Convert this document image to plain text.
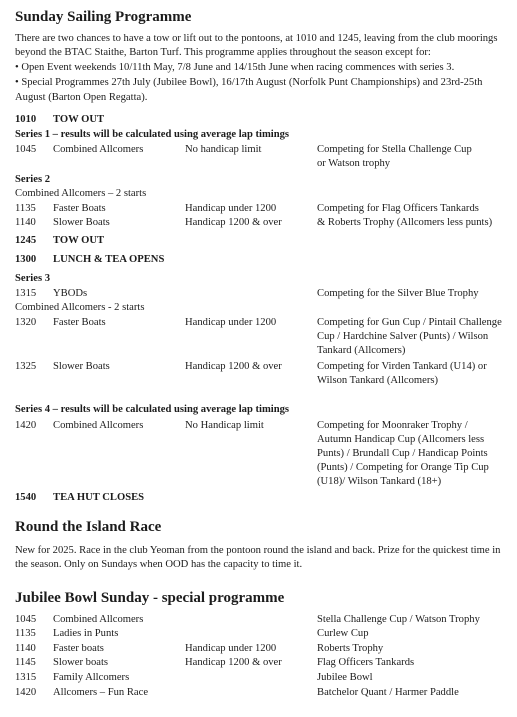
Sunday Sailing Programme
There are two chances to have a tow or lift out to the pontoons, at 1010 and 1245, leaving from the club moorings
beyond the BTAC Staithe, Barton Turf. This programme applies throughout the season except for:
• Open Event weekends 10/11th May, 7/8 June and 14/15th June when racing commences with series 3.
• Special Programmes 27th July (Jubilee Bowl), 16/17th August (Norfolk Punt Championships) and 23rd-25th
August (Barton Open Regatta).
1010 TOW OUT
Series 1 – results will be calculated using average lap timings
1045 Combined Allcomers	No handicap limit	Competing for Stella Challenge Cup
or Watson trophy
Series 2
Combined Allcomers – 2 starts
1135 Faster Boats	Handicap under 1200	Competing for Flag Officers Tankards
1140 Slower Boats	Handicap 1200 & over	& Roberts Trophy (Allcomers less punts)
1245 TOW OUT
1300 LUNCH & TEA OPENS
Series 3
1315 YBODs	Competing for the Silver Blue Trophy
Combined Allcomers - 2 starts
1320 Faster Boats	Handicap under 1200	Competing for Gun Cup / Pintail Challenge
Cup / Hardchine Salver (Punts) / Wilson
Tankard (Allcomers)
1325 Slower Boats	Handicap 1200 & over	Competing for Virden Tankard (U14) or
Wilson Tankard (Allcomers)
Series 4 – results will be calculated using average lap timings
1420 Combined Allcomers	No Handicap limit	Competing for Moonraker Trophy /
Autumn Handicap Cup (Allcomers less
Punts) / Brundall Cup / Handicap Points
(Punts) / Competing for Orange Tip Cup
(U18)/ Wilson Tankard (18+)
1540 TEA HUT CLOSES
Round the Island Race
New for 2025. Race in the club Yeoman from the pontoon round the island and back. Prize for the quickest time in
the season. Only on Sundays when OOD has the capacity to time it.
Jubilee Bowl Sunday - special programme
1045 Combined Allcomers	Stella Challenge Cup / Watson Trophy
1135 Ladies in Punts	Curlew Cup
1140 Faster boats	Handicap under 1200	Roberts Trophy
1145 Slower boats	Handicap 1200 & over	Flag Officers Tankards
1315 Family Allcomers	Jubilee Bowl
1420 Allcomers – Fun Race	Batchelor Quant / Harmer Paddle
